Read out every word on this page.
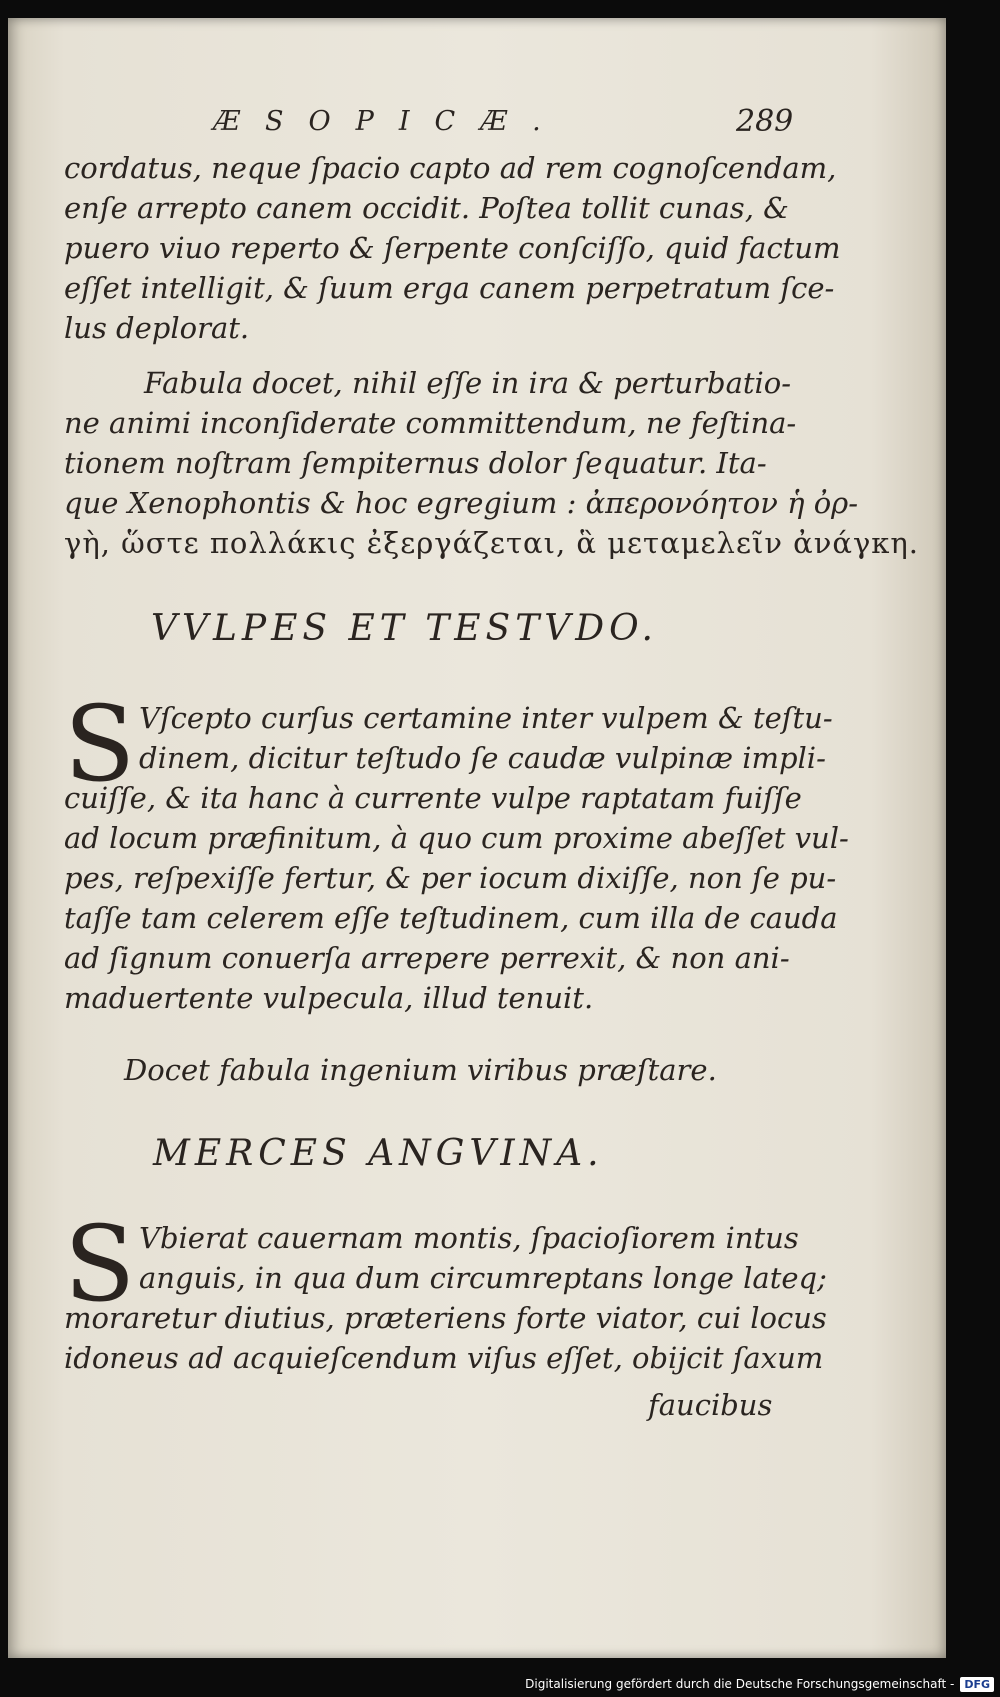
ÆSOPICÆ.	289

cordatus, neque ſpacio capto ad rem cognoſcendam,

enſe arrepto canem occidit. Poſtea tollit cunas, &

puero viuo reperto & ſerpente conſciſſo, quid factum

eſſet intelligit, & ſuum erga canem perpetratum ſce-

lus deplorat.

Fabula docet, nihil eſſe in ira & perturbatio-

ne animi inconſiderate committendum, ne feſtina-

tionem noſtram ſempiternus dolor ſequatur. Ita-

que Xenophontis & hoc egregium : ἀπερονόητον ἡ ὀρ-

γὴ, ὥστε πολλάκις ἐξεργάζεται, ἃ μεταμελεῖν ἀνάγκη.

VVLPES ET TESTVDO.
S Vſcepto curſus certamine inter vulpem & teſtu-

dinem, dicitur teſtudo ſe caudæ vulpinæ impli-

cuiſſe, & ita hanc à currente vulpe raptatam fuiſſe

ad locum præfinitum, à quo cum proxime abeſſet vul-

pes, reſpexiſſe fertur, & per iocum dixiſſe, non ſe pu-

taſſe tam celerem eſſe teſtudinem, cum illa de cauda

ad ſignum conuerſa arrepere perrexit, & non ani-

maduertente vulpecula, illud tenuit.

Docet fabula ingenium viribus præſtare.

MERCES ANGVINA.
S Vbierat cauernam montis, ſpacioſiorem intus

anguis, in qua dum circumreptans longe lateq;

moraretur diutius, præteriens forte viator, cui locus

idoneus ad acquieſcendum viſus eſſet, obijcit ſaxum

faucibus
Digitalisierung gefördert durch die Deutsche Forschungsgemeinschaft - DFG
